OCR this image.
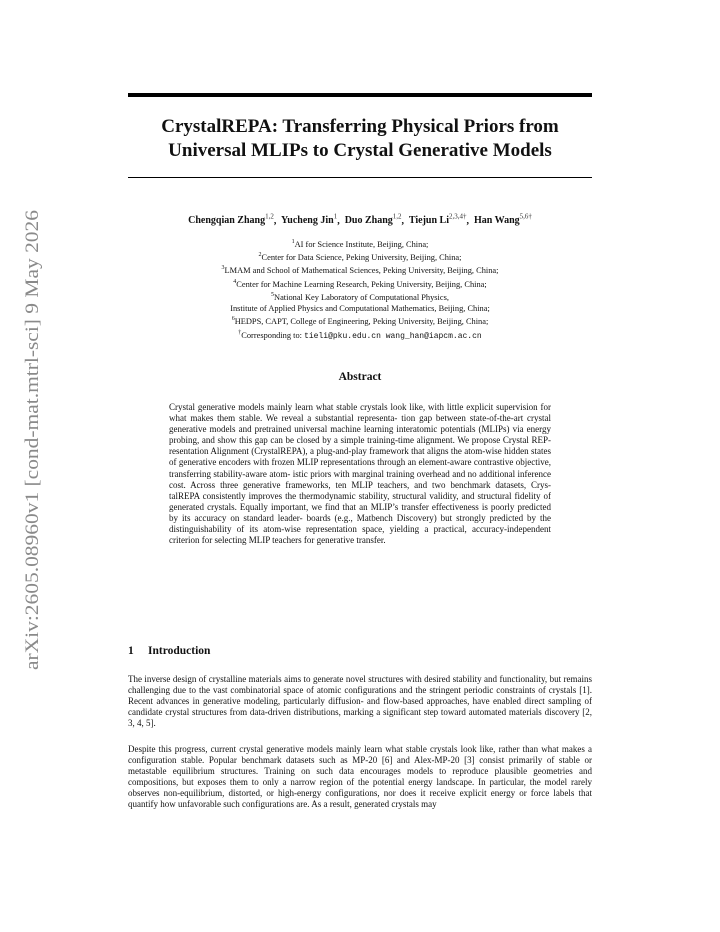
arXiv:2605.08960v1 [cond-mat.mtrl-sci] 9 May 2026
CrystalREPA: Transferring Physical Priors from
Universal MLIPs to Crystal Generative Models
Chengqian Zhang$^{1,2}$,  Yucheng Jin$^1$,  Duo Zhang$^{1,2}$,  Tiejun $Li^{2,3,4\dagger}$,  Han Wang$^{5,6\dagger}$
$^1$AI for Science Institute, Beijing, China;
$^2$Center for Data Science, Peking University, Beijing, China;
$^3$LMAM and School of Mathematical Sciences, Peking University, Beijing, China;
$^4$Center for Machine Learning Research, Peking University, Beijing, China;
$^5$National Key Laboratory of Computational Physics,
Institute of Applied Physics and Computational Mathematics, Beijing, China;
$^6$HEDPS, CAPT, College of Engineering, Peking University, Beijing, China;
†Corresponding to: tieli@pku.edu.cn wang_han@iapcm.ac.cn
Abstract

Crystal generative models mainly learn what stable crystals look like, with little explicit supervision for what makes them stable. We reveal a substantial representa- tion gap between state-of-the-art crystal generative models and pretrained universal machine learning interatomic potentials (MLIPs) via energy probing, and show this gap can be closed by a simple training-time alignment. We propose Crystal REP- resentation Alignment (CrystalREPA), a plug-and-play framework that aligns the atom-wise hidden states of generative encoders with frozen MLIP representations through an element-aware contrastive objective, transferring stability-aware atom- istic priors with marginal training overhead and no additional inference cost. Across three generative frameworks, ten MLIP teachers, and two benchmark datasets, Crys- talREPA consistently improves the thermodynamic stability, structural validity, and structural fidelity of generated crystals. Equally important, we find that an MLIP’s transfer effectiveness is poorly predicted by its accuracy on standard leader- boards (e.g., Matbench Discovery) but strongly predicted by the distinguishability of its atom-wise representation space, yielding a practical, accuracy-independent criterion for selecting MLIP teachers for generative transfer.

1 Introduction

The inverse design of crystalline materials aims to generate novel structures with desired stability and functionality, but remains challenging due to the vast combinatorial space of atomic configurations and the stringent periodic constraints of crystals [1]. Recent advances in generative modeling, particularly diffusion- and flow-based approaches, have enabled direct sampling of candidate crystal structures from data-driven distributions, marking a significant step toward automated materials discovery [2, 3, 4, 5].

Despite this progress, current crystal generative models mainly learn what stable crystals look like, rather than what makes a configuration stable. Popular benchmark datasets such as MP-20 [6] and Alex-MP-20 [3] consist primarily of stable or metastable equilibrium structures. Training on such data encourages models to reproduce plausible geometries and compositions, but exposes them to only a narrow region of the potential energy landscape. In particular, the model rarely observes non-equilibrium, distorted, or high-energy configurations, nor does it receive explicit energy or force labels that quantify how unfavorable such configurations are. As a result, generated crystals may
